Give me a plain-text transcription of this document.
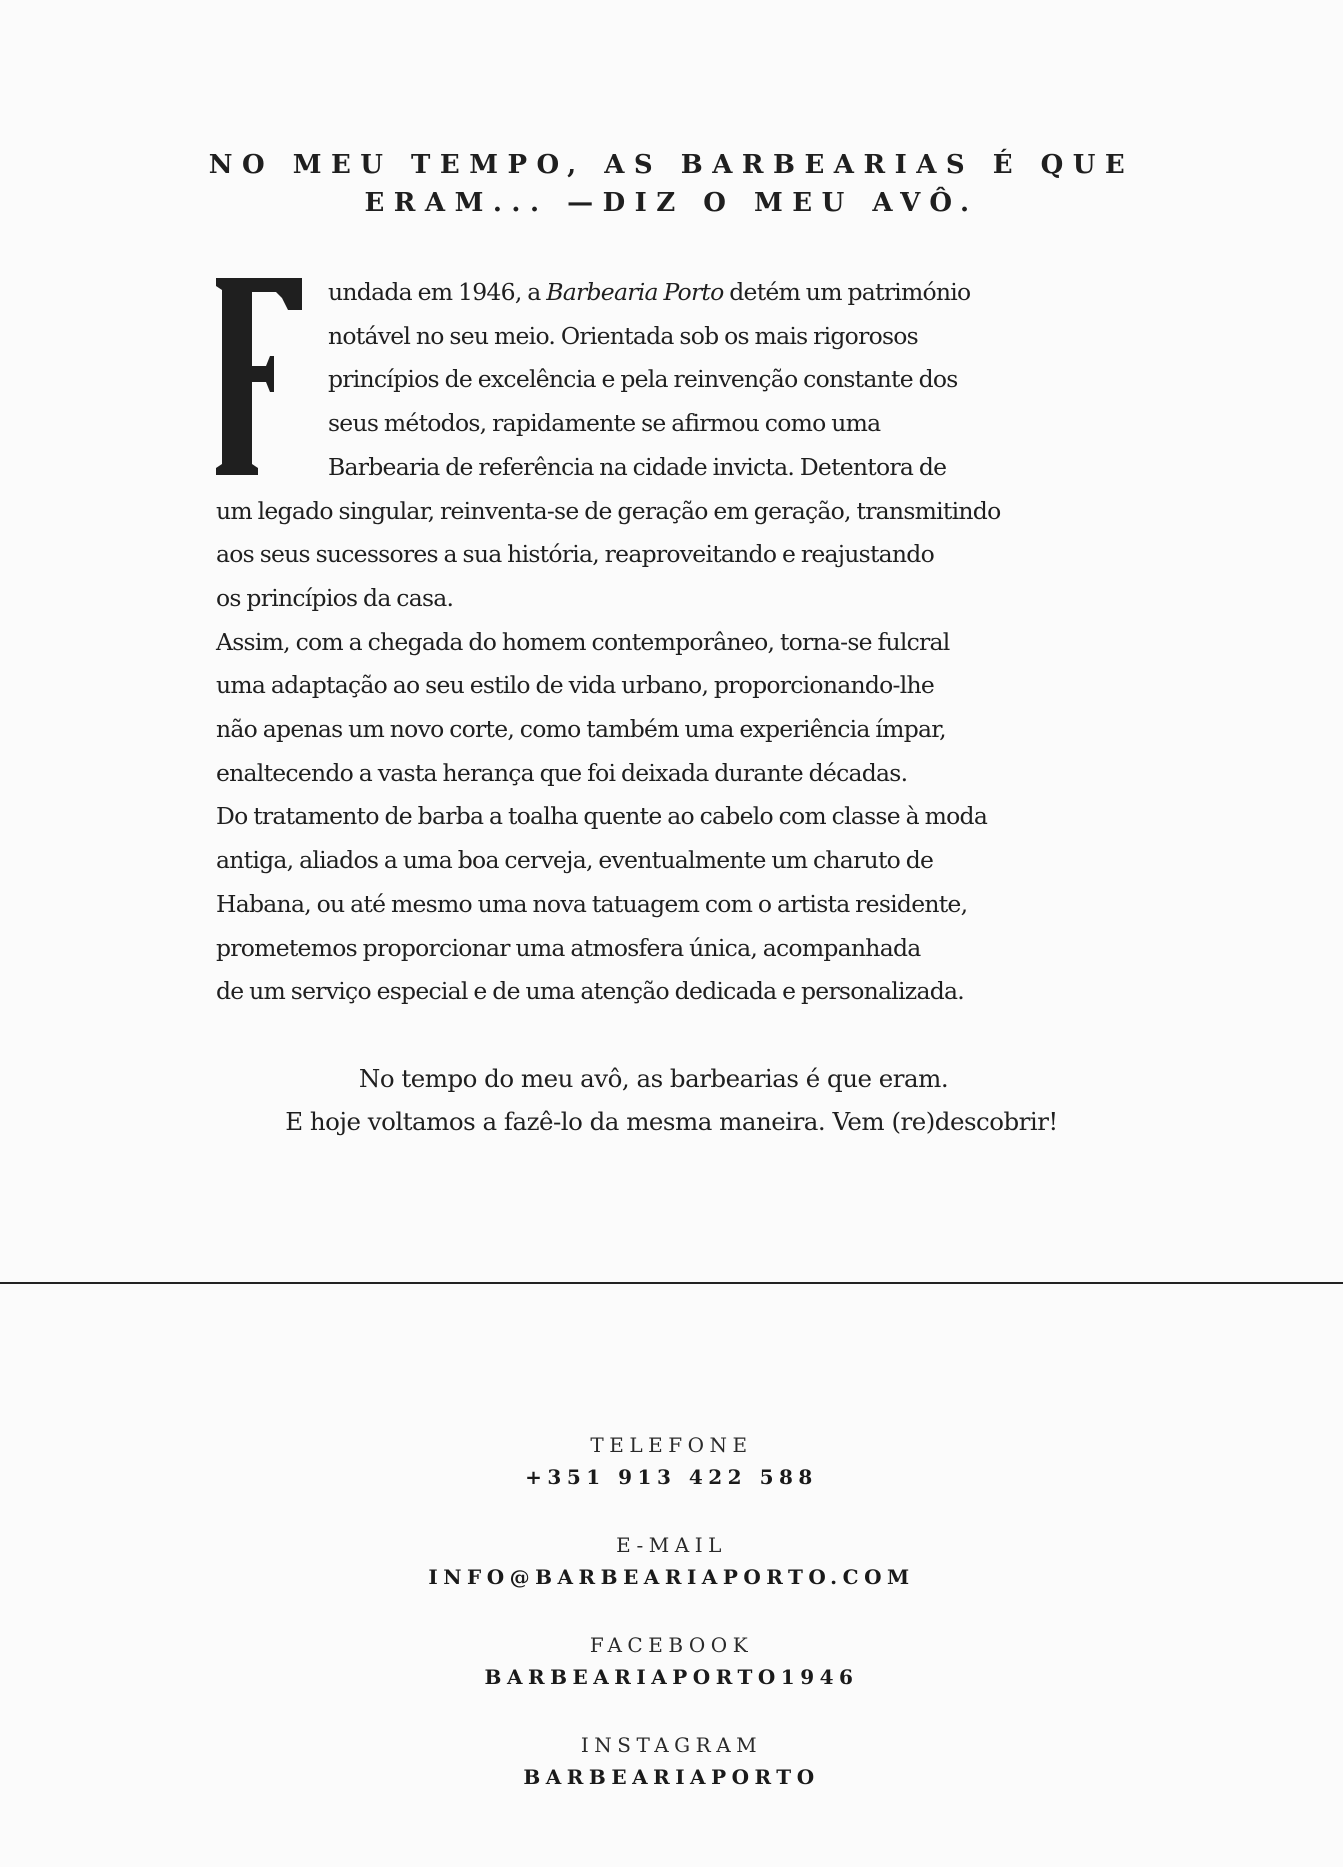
NO MEU TEMPO, AS BARBEARIAS É QUE
ERAM... —DIZ O MEU AVÔ.

undada em 1946, a Barbearia Porto detém um património
notável no seu meio. Orientada sob os mais rigorosos
princípios de excelência e pela reinvenção constante dos
seus métodos, rapidamente se afirmou como uma
Barbearia de referência na cidade invicta. Detentora de
um legado singular, reinventa-se de geração em geração, transmitindo
aos seus sucessores a sua história, reaproveitando e reajustando
os princípios da casa.

Assim, com a chegada do homem contemporâneo, torna-se fulcral
uma adaptação ao seu estilo de vida urbano, proporcionando-lhe
não apenas um novo corte, como também uma experiência ímpar,
enaltecendo a vasta herança que foi deixada durante décadas.

Do tratamento de barba a toalha quente ao cabelo com classe à moda
antiga, aliados a uma boa cerveja, eventualmente um charuto de
Habana, ou até mesmo uma nova tatuagem com o artista residente,
prometemos proporcionar uma atmosfera única, acompanhada
de um serviço especial e de uma atenção dedicada e personalizada.

No tempo do meu avô, as barbearias é que eram.
E hoje voltamos a fazê-lo da mesma maneira. Vem (re)descobrir!
TELEFONE
+351 913 422 588
E-MAIL
INFO@BARBEARIAPORTO.COM
FACEBOOK
BARBEARIAPORTO1946
INSTAGRAM
BARBEARIAPORTO
